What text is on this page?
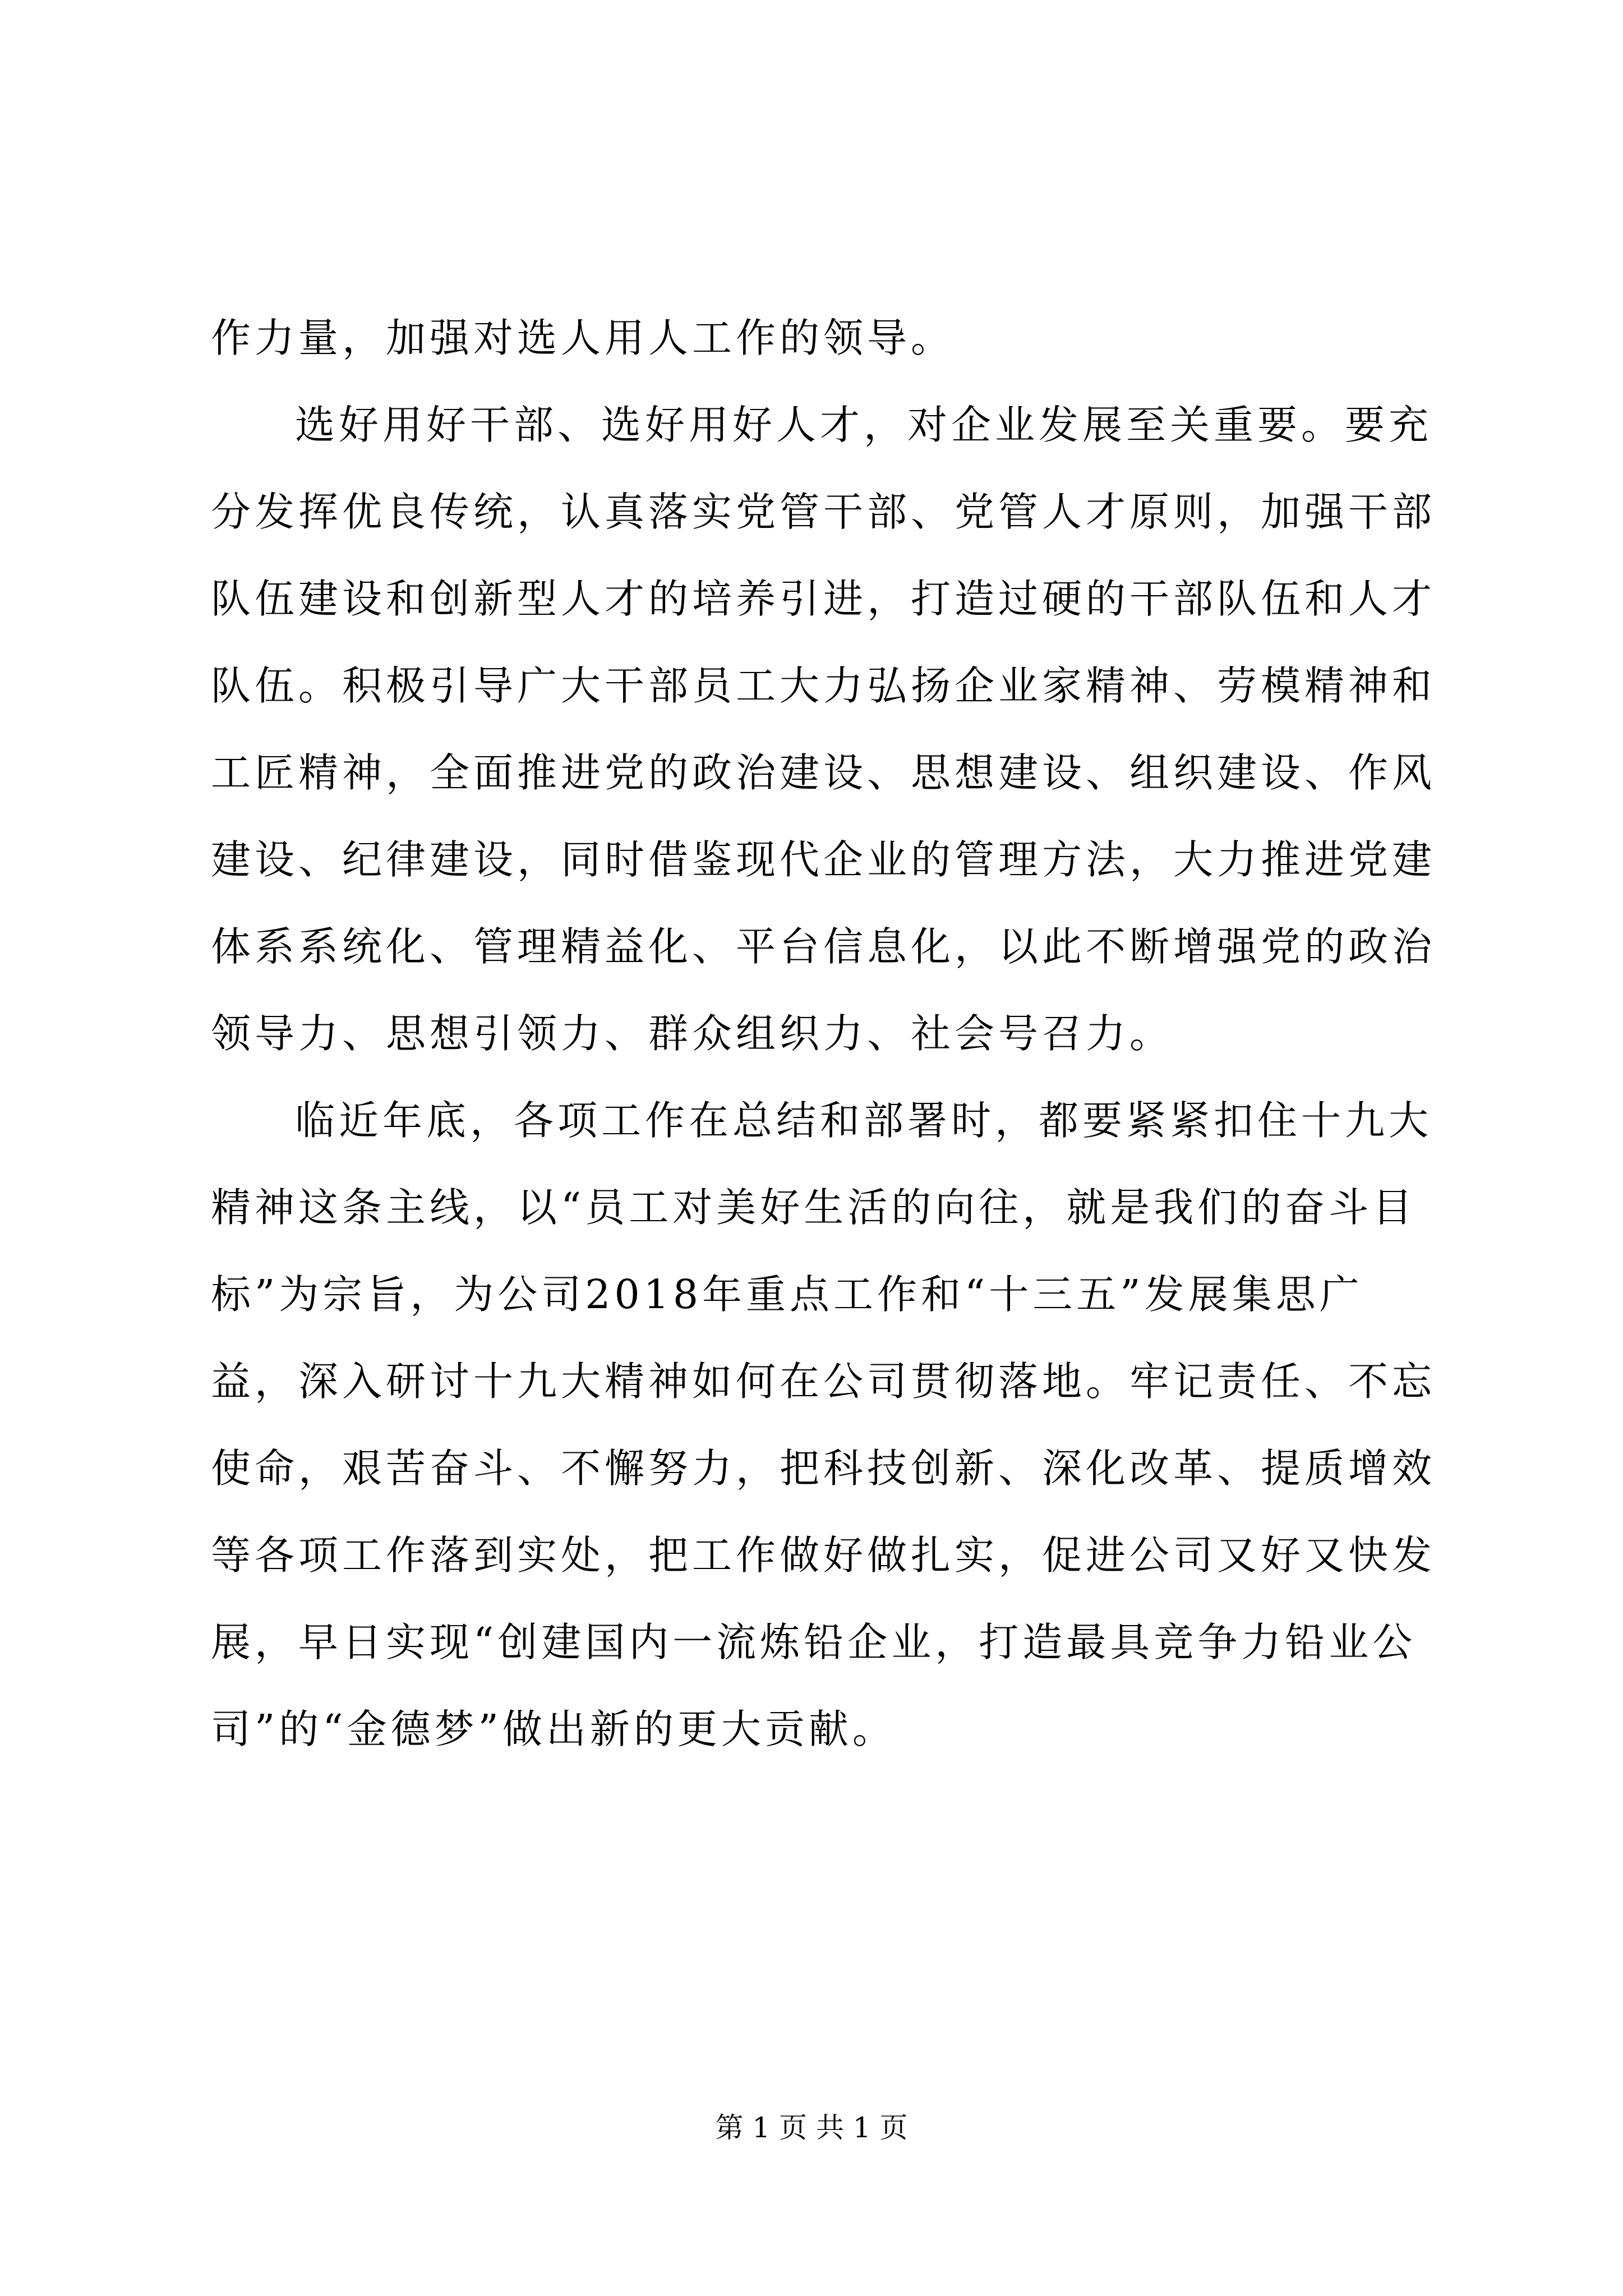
作力量，加强对选人用人工作的领导。
选好用好干部、选好用好人才，对企业发展至关重要。要充
分发挥优良传统，认真落实党管干部、党管人才原则，加强干部
队伍建设和创新型人才的培养引进，打造过硬的干部队伍和人才
队伍。积极引导广大干部员工大力弘扬企业家精神、劳模精神和
工匠精神，全面推进党的政治建设、思想建设、组织建设、作风
建设、纪律建设，同时借鉴现代企业的管理方法，大力推进党建
体系系统化、管理精益化、平台信息化，以此不断增强党的政治
领导力、思想引领力、群众组织力、社会号召力。
临近年底，各项工作在总结和部署时，都要紧紧扣住十九大
精神这条主线，以“员工对美好生活的向往，就是我们的奋斗目
标”为宗旨，为公司2018年重点工作和“十三五”发展集思广
益，深入研讨十九大精神如何在公司贯彻落地。牢记责任、不忘
使命，艰苦奋斗、不懈努力，把科技创新、深化改革、提质增效
等各项工作落到实处，把工作做好做扎实，促进公司又好又快发
展，早日实现“创建国内一流炼铅企业，打造最具竞争力铅业公
司”的“金德梦”做出新的更大贡献。
第 1 页 共 1 页
